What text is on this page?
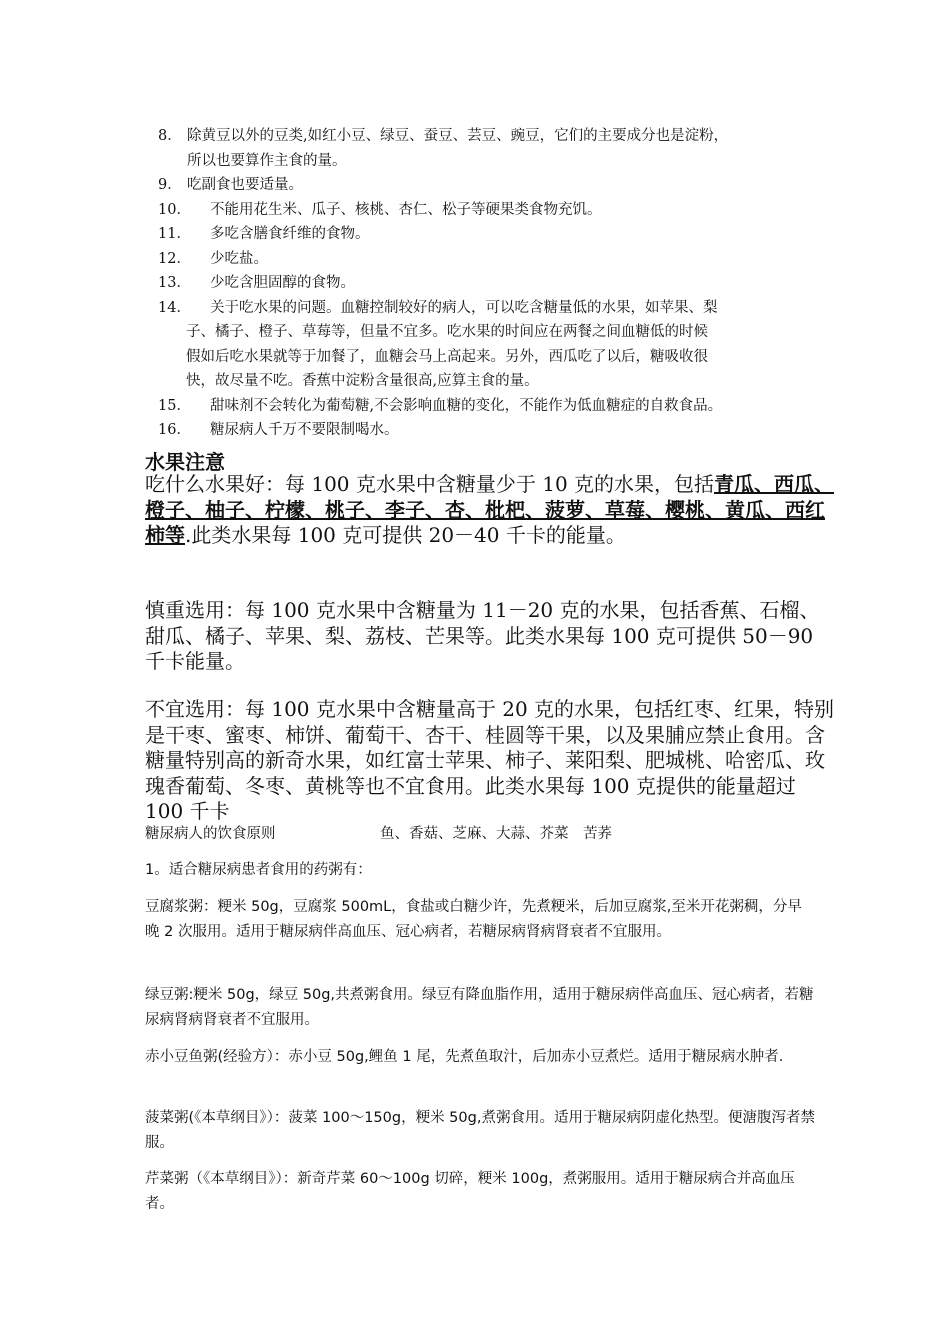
8． 除黄豆以外的豆类,如红小豆、绿豆、蚕豆、芸豆、豌豆，它们的主要成分也是淀粉，
所以也要算作主食的量。
9． 吃副食也要适量。
10． 不能用花生米、瓜子、核桃、杏仁、松子等硬果类食物充饥。
11． 多吃含膳食纤维的食物。
12． 少吃盐。
13． 少吃含胆固醇的食物。
14． 关于吃水果的问题。血糖控制较好的病人，可以吃含糖量低的水果，如苹果、梨
子、橘子、橙子、草莓等，但量不宜多。吃水果的时间应在两餐之间血糖低的时候
假如后吃水果就等于加餐了，血糖会马上高起来。另外，西瓜吃了以后，糖吸收很
快，故尽量不吃。香蕉中淀粉含量很高,应算主食的量。
15． 甜味剂不会转化为葡萄糖,不会影响血糖的变化，不能作为低血糖症的自救食品。
16． 糖尿病人千万不要限制喝水。
水果注意
吃什么水果好：每 100 克水果中含糖量少于 10 克的水果，包括青瓜、西瓜、橙子、柚子、柠檬、桃子、李子、杏、枇杷、菠萝、草莓、樱桃、黄瓜、西红柿等.此类水果每 100 克可提供 20－40 千卡的能量。
慎重选用：每 100 克水果中含糖量为 11－20 克的水果，包括香蕉、石榴、甜瓜、橘子、苹果、梨、荔枝、芒果等。此类水果每 100 克可提供 50－90 千卡能量。
不宜选用：每 100 克水果中含糖量高于 20 克的水果，包括红枣、红果，特别是干枣、蜜枣、柿饼、葡萄干、杏干、桂圆等干果，以及果脯应禁止食用。含糖量特别高的新奇水果，如红富士苹果、柿子、莱阳梨、肥城桃、哈密瓜、玫瑰香葡萄、冬枣、黄桃等也不宜食用。此类水果每 100 克提供的能量超过 100 千卡
糖尿病人的饮食原则	鱼、香菇、芝麻、大蒜、芥菜　苦荞
1。适合糖尿病患者食用的药粥有：
豆腐浆粥：粳米 50g，豆腐浆 500mL，食盐或白糖少许，先煮粳米，后加豆腐浆,至米开花粥稠，分早晚 2 次服用。适用于糖尿病伴高血压、冠心病者，若糖尿病肾病肾衰者不宜服用。
绿豆粥:粳米 50g，绿豆 50g,共煮粥食用。绿豆有降血脂作用，适用于糖尿病伴高血压、冠心病者，若糖尿病肾病肾衰者不宜服用。
赤小豆鱼粥(经验方）：赤小豆 50g,鲤鱼 1 尾，先煮鱼取汁，后加赤小豆煮烂。适用于糖尿病水肿者.
菠菜粥(《本草纲目》）：菠菜 100～150g，粳米 50g,煮粥食用。适用于糖尿病阴虚化热型。便溏腹泻者禁服。
芹菜粥（《本草纲目》）：新奇芹菜 60～100g 切碎，粳米 100g，煮粥服用。适用于糖尿病合并高血压者。
